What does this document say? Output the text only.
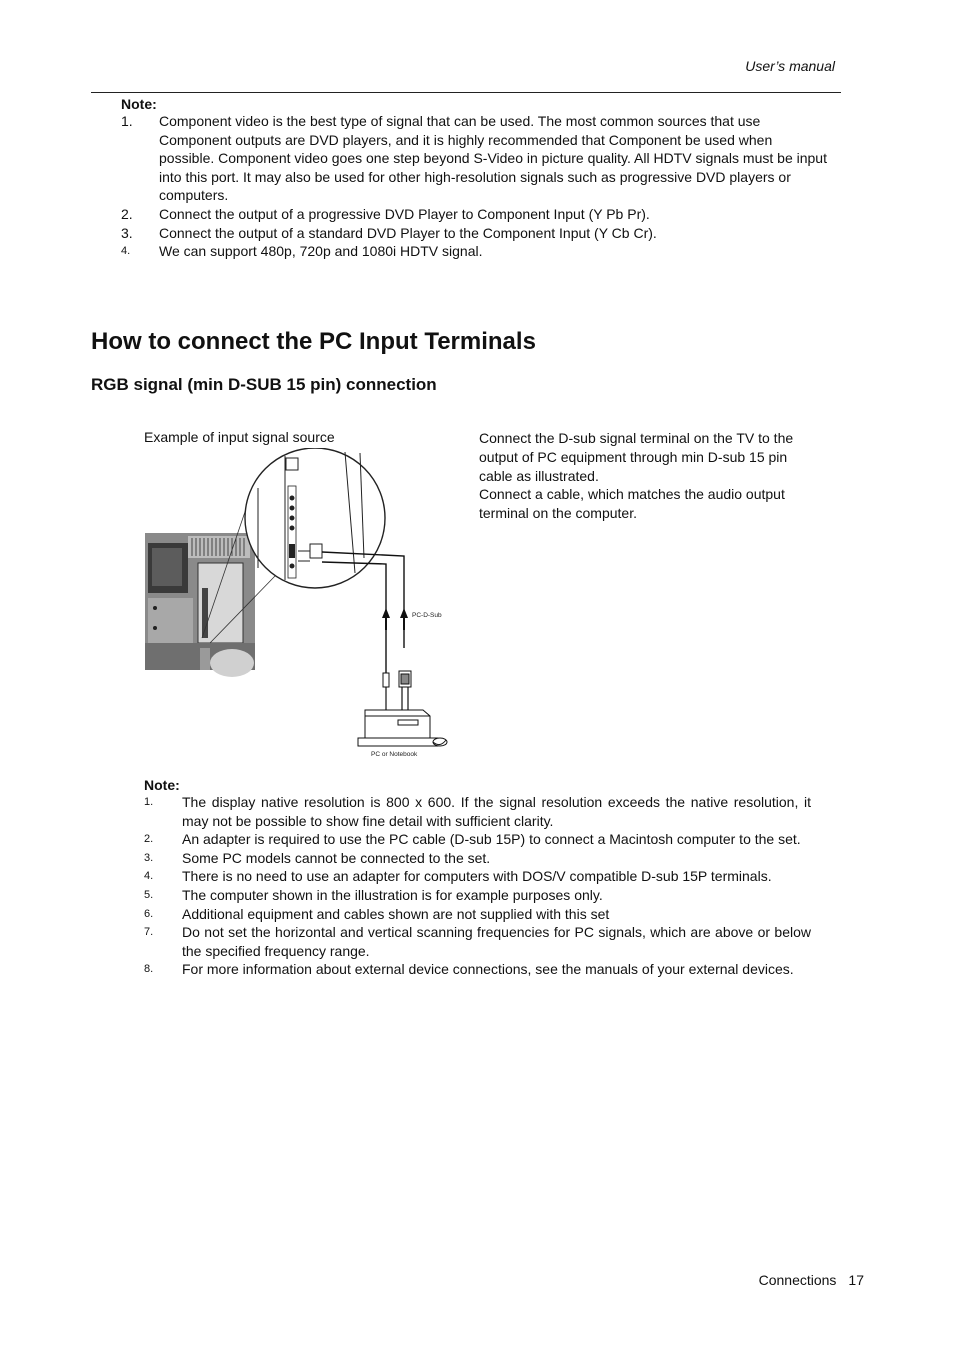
User’s manual
Note:
1. Component video is the best type of signal that can be used. The most common sources that use Component outputs are DVD players, and it is highly recommended that Component be used when possible. Component video goes one step beyond S-Video in picture quality. All HDTV signals must be input into this port. It may also be used for other high-resolution signals such as progressive DVD players or computers.
2. Connect the output of a progressive DVD Player to Component Input (Y Pb Pr).
3. Connect the output of a standard DVD Player to the Component Input (Y Cb Cr).
4. We can support 480p, 720p and 1080i HDTV signal.
How to connect the PC Input Terminals
RGB signal (min D-SUB 15 pin) connection
Example of input signal source	Connect the D-sub signal terminal on the TV to the output of PC equipment through min D-sub 15 pin cable as illustrated.

Connect a cable, which matches the audio output terminal on the computer.

PC-D-Sub
PC or Notebook
Note:
1. The display native resolution is 800 x 600. If the signal resolution exceeds the native resolution, it may not be possible to show fine detail with sufficient clarity.
2. An adapter is required to use the PC cable (D-sub 15P) to connect a Macintosh computer to the set.
3. Some PC models cannot be connected to the set.
4. There is no need to use an adapter for computers with DOS/V compatible D-sub 15P terminals.
5. The computer shown in the illustration is for example purposes only.
6. Additional equipment and cables shown are not supplied with this set
7. Do not set the horizontal and vertical scanning frequencies for PC signals, which are above or below the specified frequency range.
8. For more information about external device connections, see the manuals of your external devices.
Connections 17
